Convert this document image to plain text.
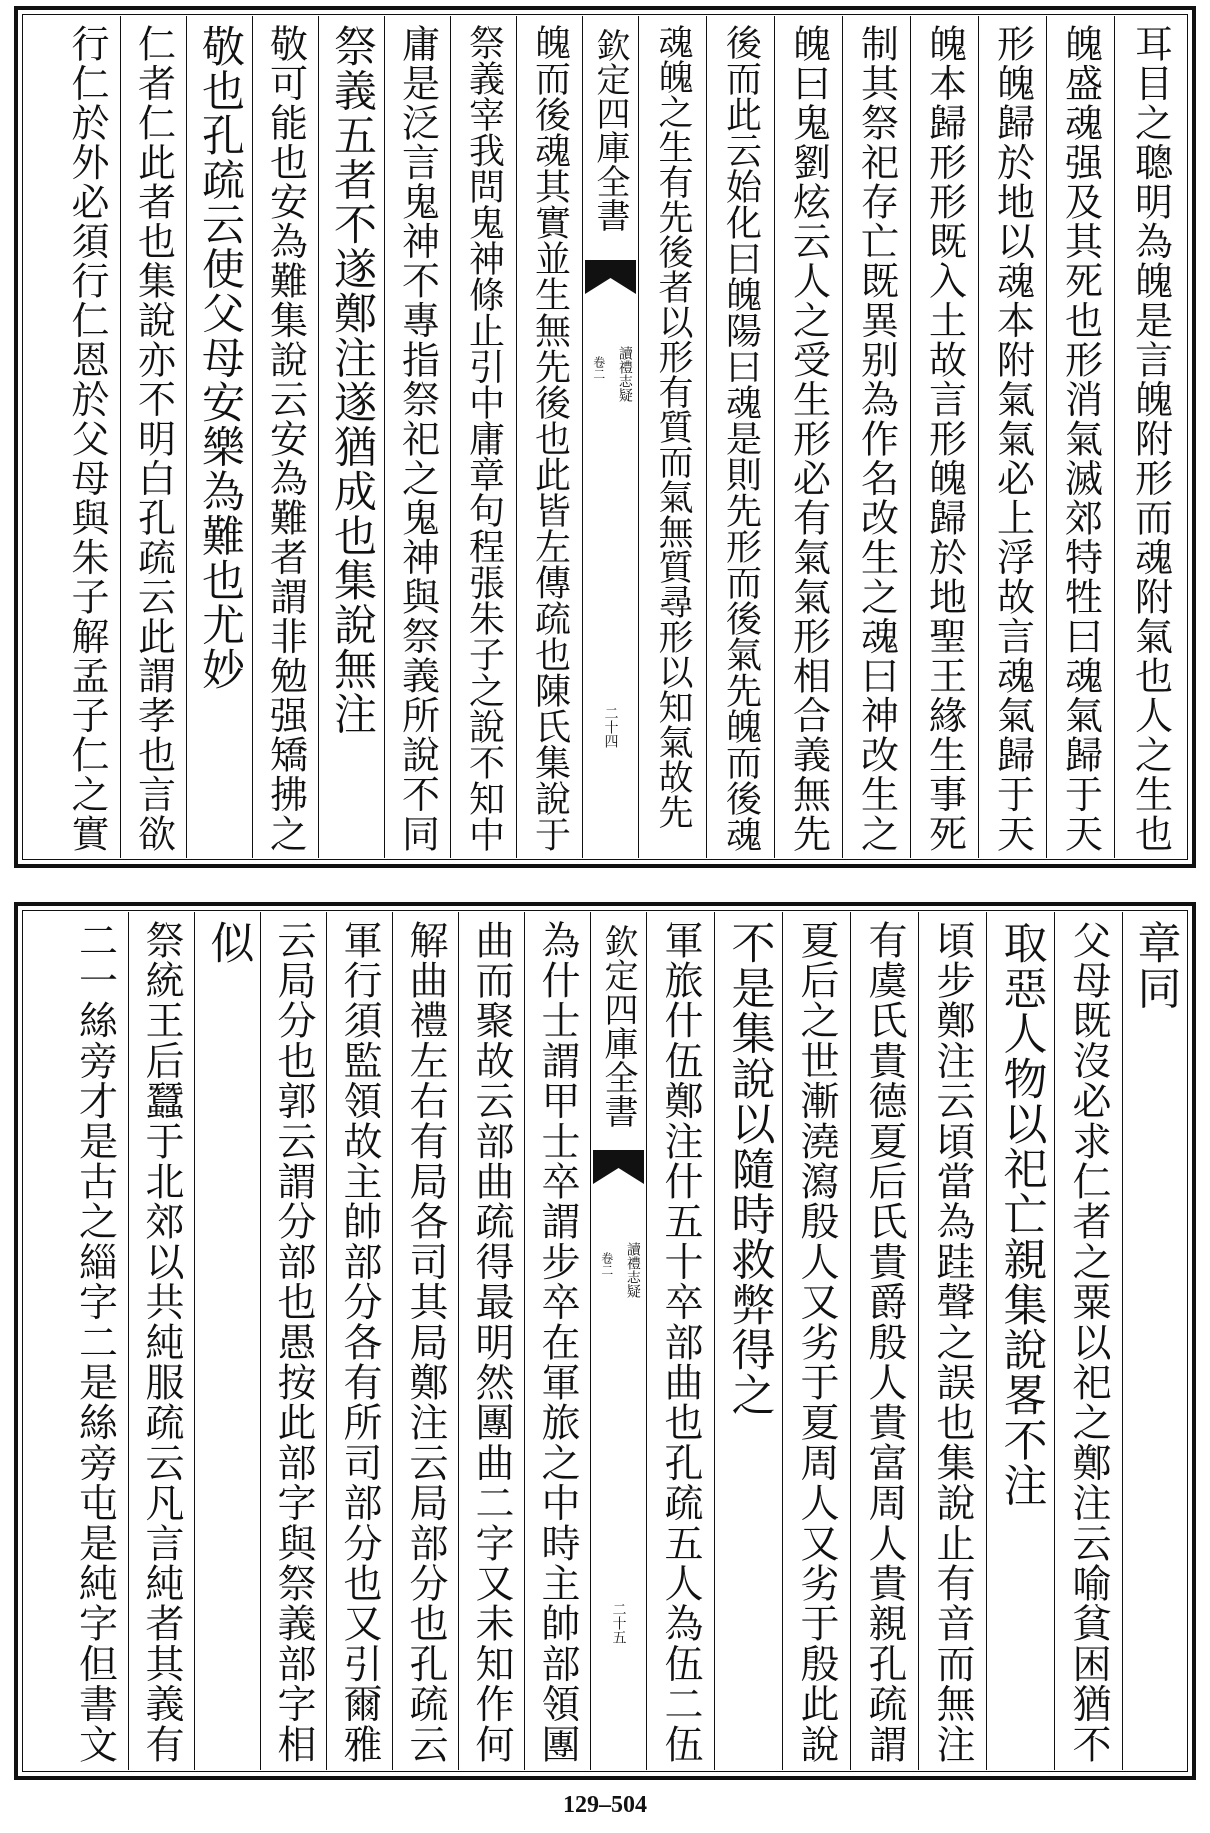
耳目之聰明為魄是言魄附形而魂附氣也人之生也
魄盛魂强及其死也形消氣滅郊特牲曰魂氣歸于天
形魄歸於地以魂本附氣氣必上浮故言魂氣歸于天
魄本歸形形既入土故言形魄歸於地聖王緣生事死
制其祭祀存亡既異别為作名改生之魂曰神改生之
魄曰鬼劉炫云人之受生形必有氣氣形相合義無先
後而此云始化曰魄陽曰魂是則先形而後氣先魄而後魂
魂魄之生有先後者以形有質而氣無質尋形以知氣故先
欽定四庫全書
讀禮志疑
卷二
二十四
魄而後魂其實並生無先後也此皆左傳疏也陳氏集說于
祭義宰我問鬼神條止引中庸章句程張朱子之說不知中
庸是泛言鬼神不專指祭祀之鬼神與祭義所說不同
祭義五者不遂鄭注遂猶成也集說無注
敬可能也安為難集說云安為難者謂非勉强矯拂之
敬也孔疏云使父母安樂為難也尤妙
仁者仁此者也集說亦不明白孔疏云此謂孝也言欲
行仁於外必須行仁恩於父母與朱子解孟子仁之實
章同
父母既沒必求仁者之粟以祀之鄭注云喻貧困猶不
取惡人物以祀亡親集說畧不注
頃步鄭注云頃當為跬聲之誤也集說止有音而無注
有虞氏貴德夏后氏貴爵殷人貴富周人貴親孔疏謂
夏后之世漸澆瀉殷人又劣于夏周人又劣于殷此說
不是集說以隨時救弊得之
軍旅什伍鄭注什五十卒部曲也孔疏五人為伍二伍
欽定四庫全書
讀禮志疑
卷二
二十五
為什士謂甲士卒謂步卒在軍旅之中時主帥部領團
曲而聚故云部曲疏得最明然團曲二字又未知作何
解曲禮左右有局各司其局鄭注云局部分也孔疏云
軍行須監領故主帥部分各有所司部分也又引爾雅
云局分也郭云謂分部也愚按此部字與祭義部字相
似
祭統王后蠶于北郊以共純服疏云凡言純者其義有
二一絲旁才是古之緇字二是絲旁屯是純字但書文
129–504
